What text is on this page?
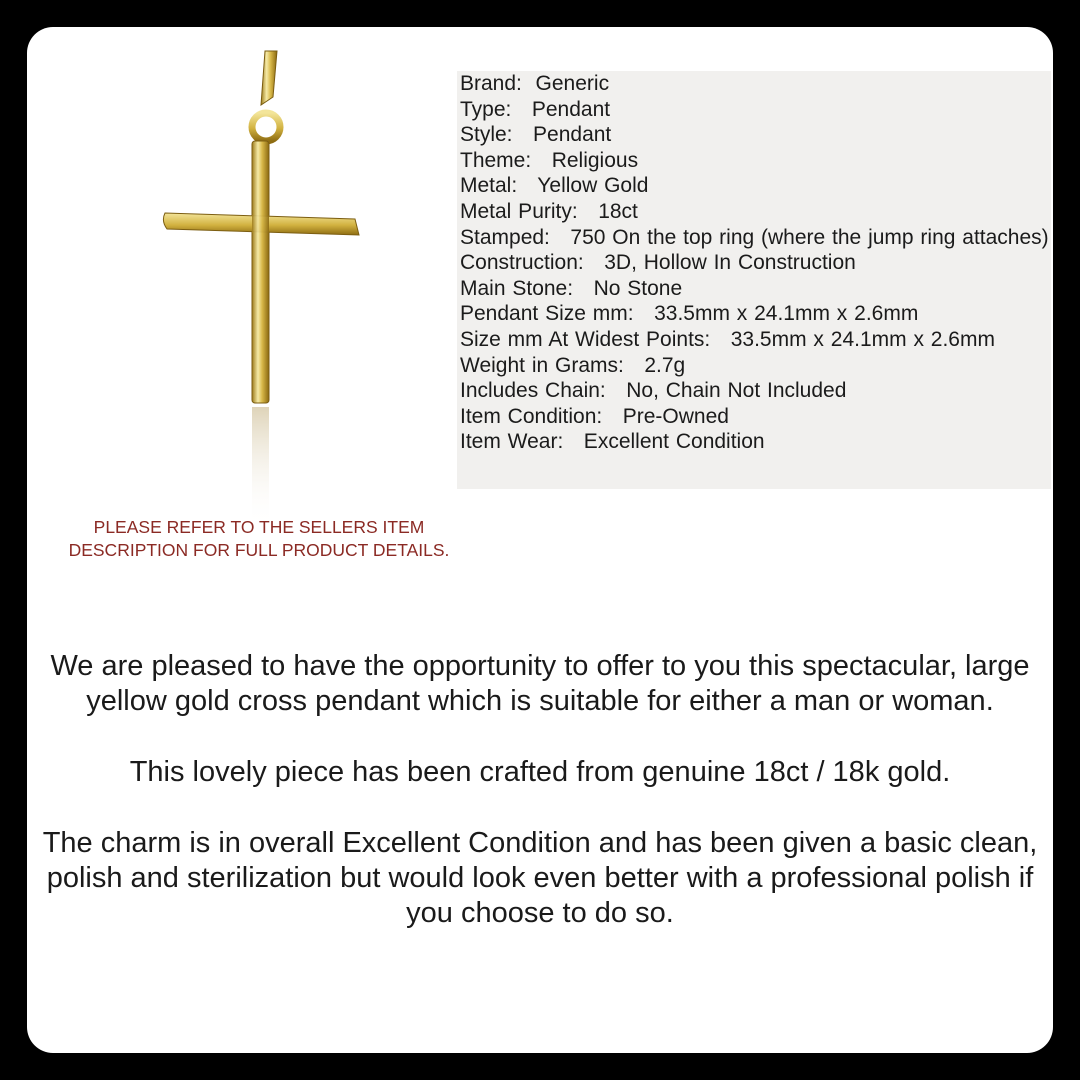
Brand:  Generic
Type:   Pendant
Style:   Pendant
Theme:   Religious
Metal:   Yellow Gold
Metal Purity:   18ct
Stamped:   750 On the top ring (where the jump ring attaches)
Construction:   3D, Hollow In Construction
Main Stone:   No Stone
Pendant Size mm:   33.5mm x 24.1mm x 2.6mm
Size mm At Widest Points:   33.5mm x 24.1mm x 2.6mm
Weight in Grams:   2.7g
Includes Chain:   No, Chain Not Included
Item Condition:   Pre-Owned
Item Wear:   Excellent Condition
PLEASE REFER TO THE SELLERS ITEM
DESCRIPTION FOR FULL PRODUCT DETAILS.

We are pleased to have the opportunity to offer to you this spectacular, large yellow gold cross pendant which is suitable for either a man or woman.

This lovely piece has been crafted from genuine 18ct / 18k gold.

The charm is in overall Excellent Condition and has been given a basic clean, polish and sterilization but would look even better with a professional polish if you choose to do so.
